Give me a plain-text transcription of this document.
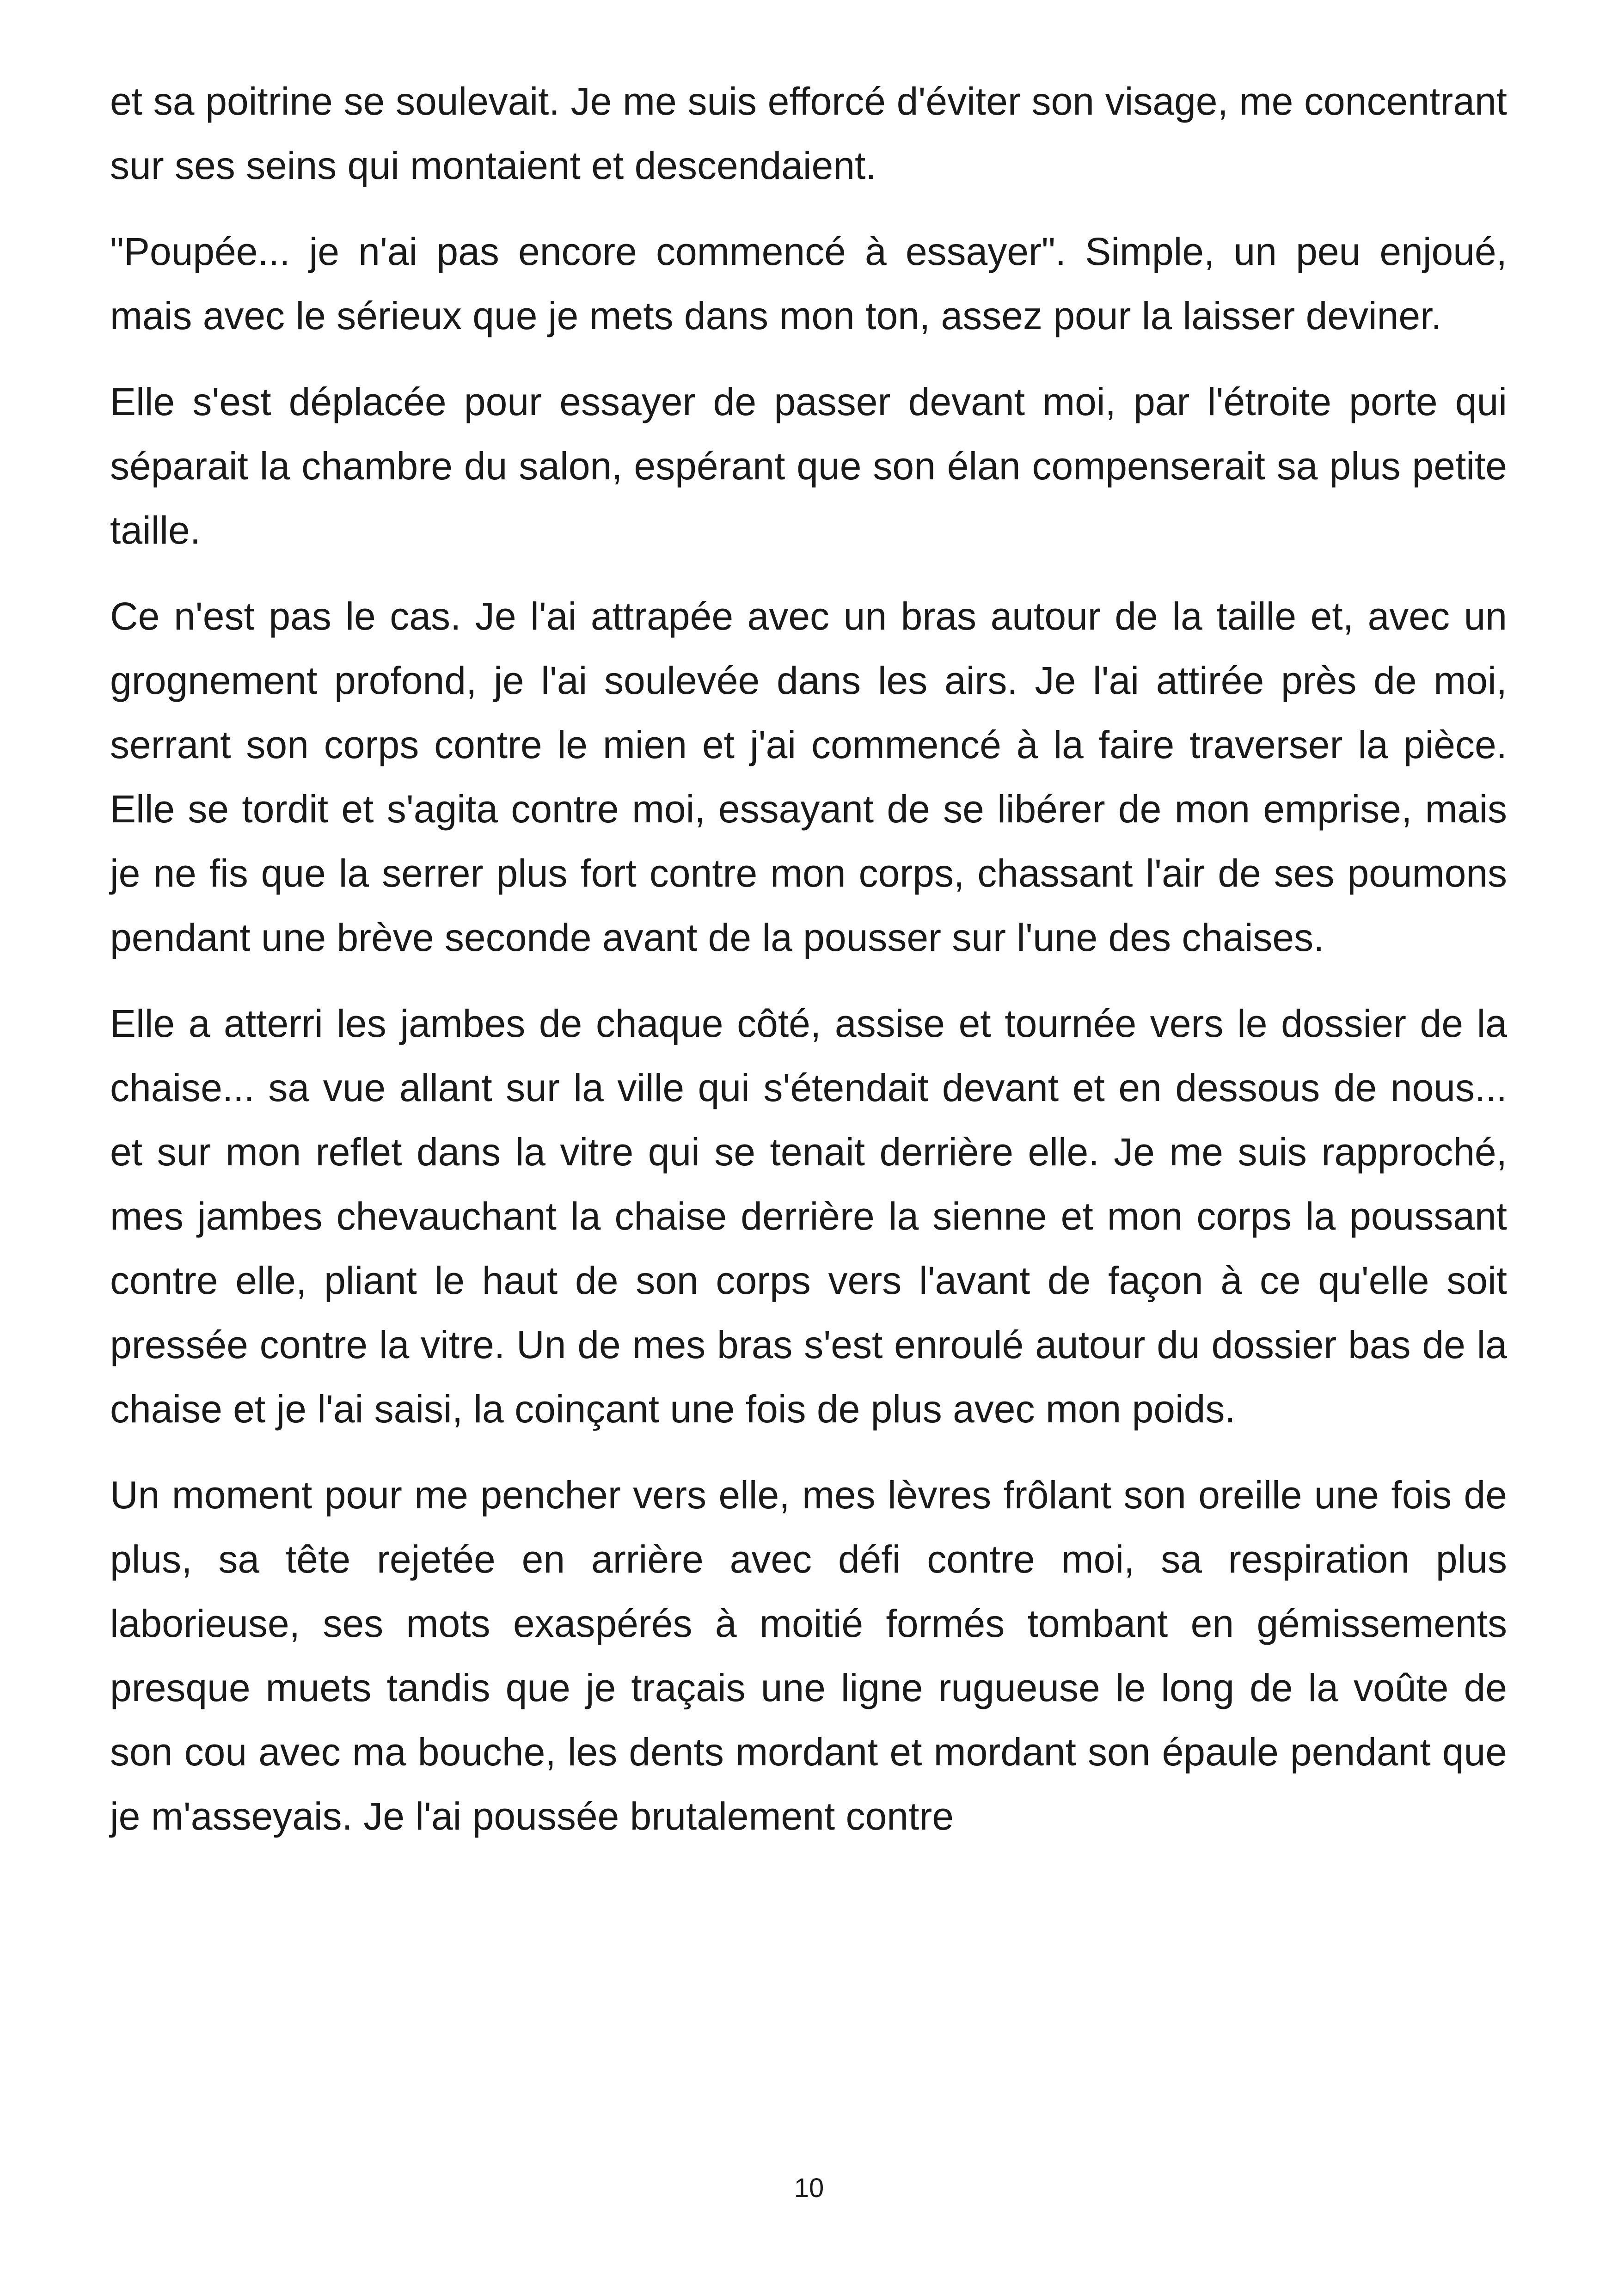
et sa poitrine se soulevait. Je me suis efforcé d'éviter son visage, me concentrant sur ses seins qui montaient et descendaient.

"Poupée... je n'ai pas encore commencé à essayer". Simple, un peu enjoué, mais avec le sérieux que je mets dans mon ton, assez pour la laisser deviner.

Elle s'est déplacée pour essayer de passer devant moi, par l'étroite porte qui séparait la chambre du salon, espérant que son élan compenserait sa plus petite taille.

Ce n'est pas le cas. Je l'ai attrapée avec un bras autour de la taille et, avec un grognement profond, je l'ai soulevée dans les airs. Je l'ai attirée près de moi, serrant son corps contre le mien et j'ai commencé à la faire traverser la pièce. Elle se tordit et s'agita contre moi, essayant de se libérer de mon emprise, mais je ne fis que la serrer plus fort contre mon corps, chassant l'air de ses poumons pendant une brève seconde avant de la pousser sur l'une des chaises.

Elle a atterri les jambes de chaque côté, assise et tournée vers le dossier de la chaise... sa vue allant sur la ville qui s'étendait devant et en dessous de nous... et sur mon reflet dans la vitre qui se tenait derrière elle. Je me suis rapproché, mes jambes chevauchant la chaise derrière la sienne et mon corps la poussant contre elle, pliant le haut de son corps vers l'avant de façon à ce qu'elle soit pressée contre la vitre. Un de mes bras s'est enroulé autour du dossier bas de la chaise et je l'ai saisi, la coinçant une fois de plus avec mon poids.

Un moment pour me pencher vers elle, mes lèvres frôlant son oreille une fois de plus, sa tête rejetée en arrière avec défi contre moi, sa respiration plus laborieuse, ses mots exaspérés à moitié formés tombant en gémissements presque muets tandis que je traçais une ligne rugueuse le long de la voûte de son cou avec ma bouche, les dents mordant et mordant son épaule pendant que je m'asseyais. Je l'ai poussée brutalement contre

10
